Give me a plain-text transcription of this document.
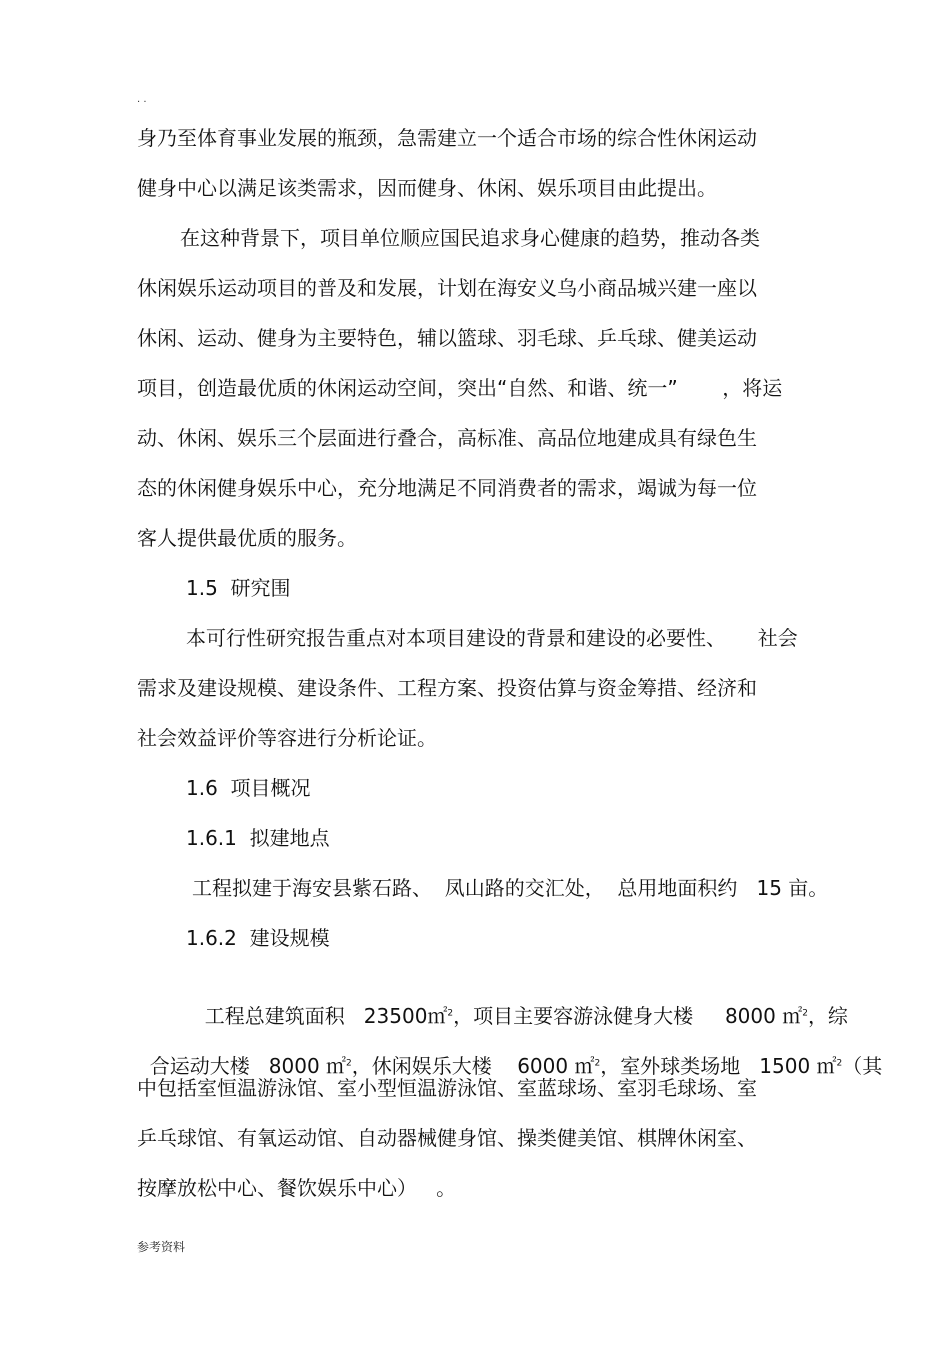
. .
身乃至体育事业发展的瓶颈，急需建立一个适合市场的综合性休闲运动
健身中心以满足该类需求，因而健身、休闲、娱乐项目由此提出。
在这种背景下，项目单位顺应国民追求身心健康的趋势，推动各类
休闲娱乐运动项目的普及和发展，计划在海安义乌小商品城兴建一座以
休闲、运动、健身为主要特色，辅以篮球、羽毛球、乒乓球、健美运动
项目，创造最优质的休闲运动空间，突出“自然、和谐、统一”       ，将运
动、休闲、娱乐三个层面进行叠合，高标准、高品位地建成具有绿色生
态的休闲健身娱乐中心，充分地满足不同消费者的需求，竭诚为每一位
客人提供最优质的服务。
1.5  研究围
本可行性研究报告重点对本项目建设的背景和建设的必要性、     社会
需求及建设规模、建设条件、工程方案、投资估算与资金筹措、经济和
社会效益评价等容进行分析论证。
1.6  项目概况
1.6.1  拟建地点
工程拟建于海安县紫石路、  凤山路的交汇处，  总用地面积约   15 亩。
1.6.2  建设规模

工程总建筑面积   23500㎡$^2$，项目主要容游泳健身大楼     8000 ㎡$^2$，综

合运动大楼   8000 ㎡$^2$，休闲娱乐大楼    6000 ㎡$^2$，室外球类场地   1500 ㎡$^2$（其

中包括室恒温游泳馆、室小型恒温游泳馆、室蓝球场、室羽毛球场、室
乒乓球馆、有氧运动馆、自动器械健身馆、操类健美馆、棋牌休闲室、
按摩放松中心、餐饮娱乐中心）   。
参考资料
